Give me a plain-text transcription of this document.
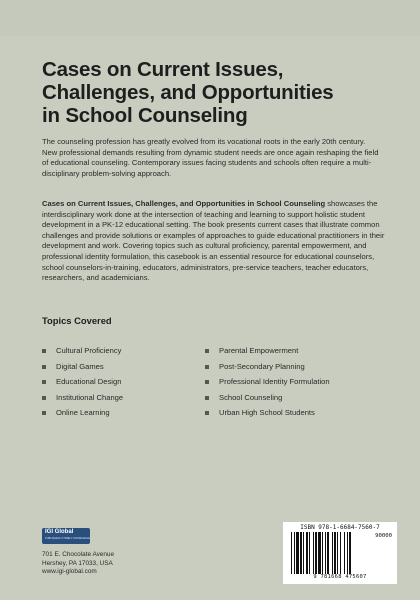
Cases on Current Issues,
Challenges, and Opportunities
in School Counseling

The counseling profession has greatly evolved from its vocational roots in the early 20th century. New professional demands resulting from dynamic student needs are once again reshaping the field of educational counseling. Contemporary issues facing students and schools often require a multi-disciplinary problem-solving approach.

Cases on Current Issues, Challenges, and Opportunities in School Counseling showcases the interdisciplinary work done at the intersection of teaching and learning to support holistic student development in a PK-12 educational setting. The book presents current cases that illustrate common challenges and provide solutions or examples of approaches to guide educational practitioners in their development and work. Covering topics such as cultural proficiency, parental empowerment, and professional identity formulation, this casebook is an essential resource for educational counselors, school counselors-in-training, educators, administrators, pre-service teachers, teacher educators, researchers, and academicians.

Topics Covered
Cultural Proficiency
Digital Games
Educational Design
Institutional Change
Online Learning
Parental Empowerment
Post-Secondary Planning
Professional Identity Formulation
School Counseling
Urban High School Students
IGI Global
PUBLISHER of TIMELY KNOWLEDGE
701 E. Chocolate Avenue
Hershey, PA 17033, USA
www.igi-global.com
ISBN 978-1-6684-7560-7
90000
9 781668 475607
